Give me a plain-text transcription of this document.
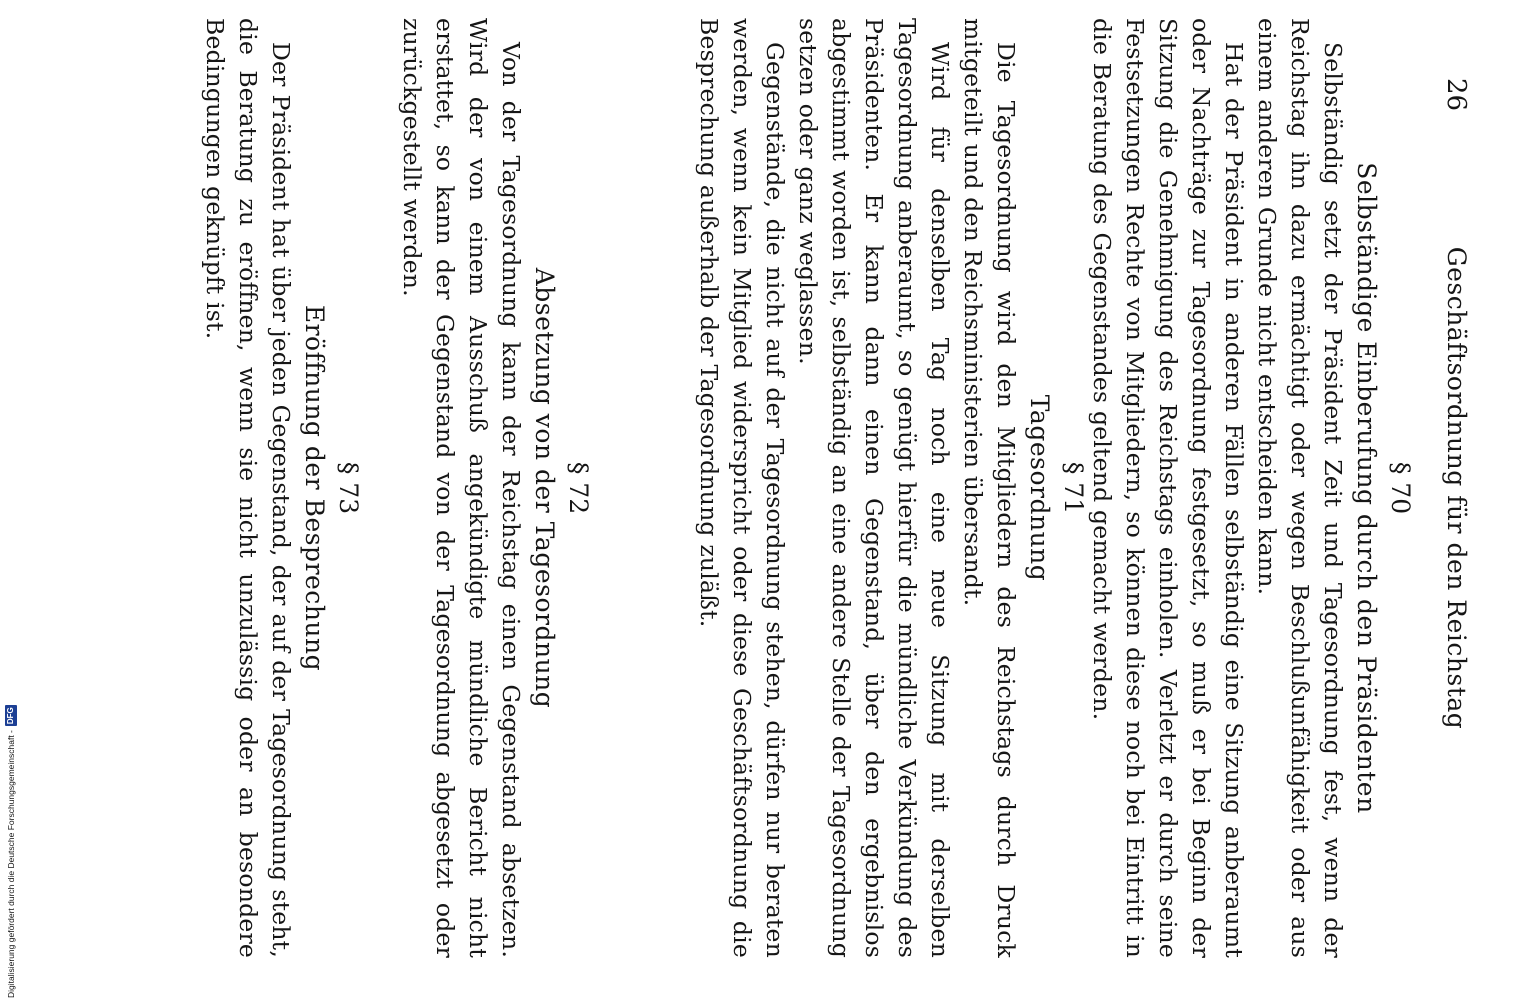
26
Geschäftsordnung für den Reichstag
§ 70
Selbständige Einberufung durch den Präsidenten

Selbständig setzt der Präsident Zeit und Tagesordnung fest, wenn der Reichstag ihn dazu ermächtigt oder wegen Beschlußunfähigkeit oder aus einem anderen Grunde nicht entscheiden kann.

Hat der Präsident in anderen Fällen selbständig eine Sitzung anberaumt oder Nachträge zur Tagesordnung festgesetzt, so muß er bei Beginn der Sitzung die Genehmigung des Reichstags einholen. Verletzt er durch seine Festsetzungen Rechte von Mitgliedern, so können diese noch bei Eintritt in die Beratung des Gegenstandes geltend gemacht werden.

§ 71
Tagesordnung

Die Tagesordnung wird den Mitgliedern des Reichstags durch Druck mitgeteilt und den Reichsministerien übersandt.

Wird für denselben Tag noch eine neue Sitzung mit derselben Tagesordnung anberaumt, so genügt hierfür die mündliche Verkündung des Präsidenten. Er kann dann einen Gegenstand, über den ergebnislos abgestimmt worden ist, selbständig an eine andere Stelle der Tagesordnung setzen oder ganz weglassen.

Gegenstände, die nicht auf der Tagesordnung stehen, dürfen nur beraten werden, wenn kein Mitglied widerspricht oder diese Geschäftsordnung die Besprechung außerhalb der Tagesordnung zuläßt.

§ 72
Absetzung von der Tagesordnung

Von der Tagesordnung kann der Reichstag einen Gegenstand absetzen. Wird der von einem Ausschuß angekündigte mündliche Bericht nicht erstattet, so kann der Gegenstand von der Tagesordnung abgesetzt oder zurückgestellt werden.

§ 73
Eröffnung der Besprechung

Der Präsident hat über jeden Gegenstand, der auf der Tagesordnung steht, die Beratung zu eröffnen, wenn sie nicht unzulässig oder an besondere Bedingungen geknüpft ist.

Digitalisierung gefördert durch die Deutsche Forschungsgemeinschaft -
DFG
